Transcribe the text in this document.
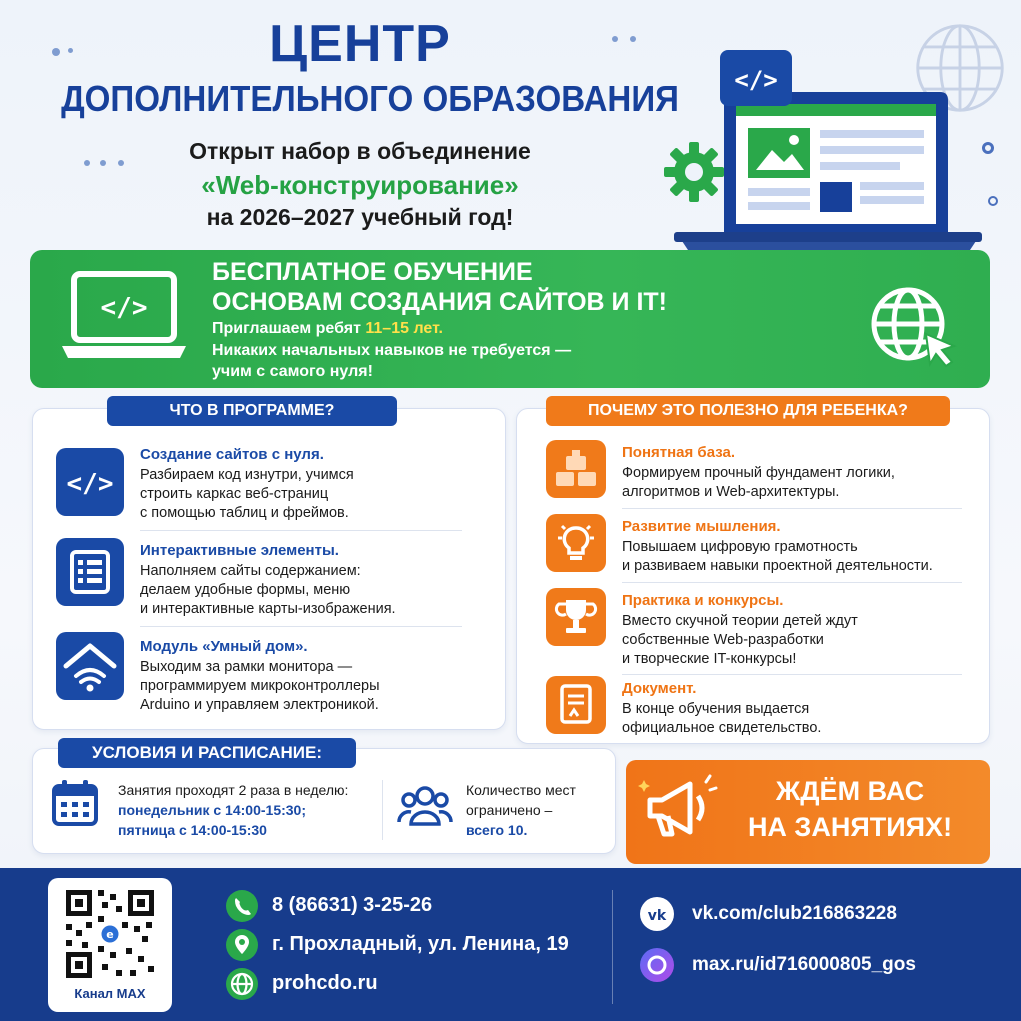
ЦЕНТР
ДОПОЛНИТЕЛЬНОГО ОБРАЗОВАНИЯ
Открыт набор в объединение
«Web-конструирование»
на 2026–2027 учебный год!
</>
</>
БЕСПЛАТНОЕ ОБУЧЕНИЕ
ОСНОВАМ СОЗДАНИЯ САЙТОВ И IT!
Приглашаем ребят 11–15 лет.
Никаких начальных навыков не требуется —
учим с самого нуля!
ЧТО В ПРОГРАММЕ?
</>
Создание сайтов с нуля.
Разбираем код изнутри, учимся
строить каркас веб-страниц
с помощью таблиц и фреймов.
Интерактивные элементы.
Наполняем сайты содержанием:
делаем удобные формы, меню
и интерактивные карты-изображения.
Модуль «Умный дом».
Выходим за рамки монитора —
программируем микроконтроллеры
Arduino и управляем электроникой.
ПОЧЕМУ ЭТО ПОЛЕЗНО ДЛЯ РЕБЕНКА?
Понятная база.
Формируем прочный фундамент логики,
алгоритмов и Web-архитектуры.
Развитие мышления.
Повышаем цифровую грамотность
и развиваем навыки проектной деятельности.
Практика и конкурсы.
Вместо скучной теории детей ждут
собственные Web-разработки
и творческие IT-конкурсы!
Документ.
В конце обучения выдается
официальное свидетельство.
УСЛОВИЯ И РАСПИСАНИЕ:
Занятия проходят 2 раза в неделю:
понедельник с 14:00-15:30;
пятница с 14:00-15:30
Количество мест
ограничено –
всего 10.
ЖДЁМ ВАС
НА ЗАНЯТИЯХ!
е
Канал MAX
8 (86631) 3-25-26
г. Прохладный, ул. Ленина, 19
prohcdo.ru
vk vk.com/club216863228
max.ru/id716000805_gos
